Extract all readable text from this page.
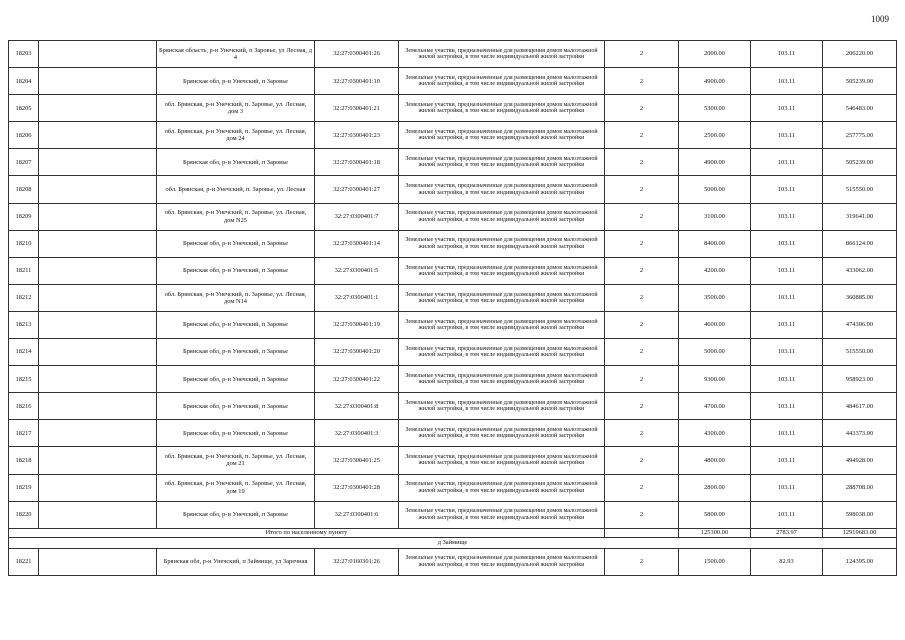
1009
18203		Брянская область, р-н Унечский, п Заровье, ул Лесная, д 4	32:27:0300401:26	Земельные участки, предназначенные для размещения домов малоэтажной жилой застройки, в том числе индивидуальной жилой застройки	2	2000.00	103.11	206220.00
18204		Брянская обл, р-н Унечский, п Заровье	32:27:0300401:10	Земельные участки, предназначенные для размещения домов малоэтажной жилой застройки, в том числе индивидуальной жилой застройки	2	4900.00	103.11	505239.00
18205		обл. Брянская, р-н Унечский, п. Заровье, ул. Лесная, дом 3	32:27:0300401:21	Земельные участки, предназначенные для размещения домов малоэтажной жилой застройки, в том числе индивидуальной жилой застройки	2	5300.00	103.11	546483.00
18206		обл. Брянская, р-н Унечский, п. Заровье, ул. Лесная, дом 24	32:27:0300401:23	Земельные участки, предназначенные для размещения домов малоэтажной жилой застройки, в том числе индивидуальной жилой застройки	2	2500.00	103.11	257775.00
18207		Брянская обл, р-н Унечский, п Заровье	32:27:0300401:18	Земельные участки, предназначенные для размещения домов малоэтажной жилой застройки, в том числе индивидуальной жилой застройки	2	4900.00	103.11	505239.00
18208		обл. Брянская, р-н Унечский, п. Заровье, ул. Лесная	32:27:0300401:27	Земельные участки, предназначенные для размещения домов малоэтажной жилой застройки, в том числе индивидуальной жилой застройки	2	5000.00	103.11	515550.00
18209		обл. Брянская, р-н Унечский, п. Заровье, ул. Лесная, дом N25	32:27:0300401:7	Земельные участки, предназначенные для размещения домов малоэтажной жилой застройки, в том числе индивидуальной жилой застройки	2	3100.00	103.11	319641.00
18210		Брянская обл, р-н Унечский, п Заровье	32:27:0300401:14	Земельные участки, предназначенные для размещения домов малоэтажной жилой застройки, в том числе индивидуальной жилой застройки	2	8400.00	103.11	866124.00
18211		Брянская обл, р-н Унечский, п Заровье	32:27:0300401:5	Земельные участки, предназначенные для размещения домов малоэтажной жилой застройки, в том числе индивидуальной жилой застройки	2	4200.00	103.11	433062.00
18212		обл. Брянская, р-н Унечский, п. Заровье, ул. Лесная, дом N14	32:27:0300401:1	Земельные участки, предназначенные для размещения домов малоэтажной жилой застройки, в том числе индивидуальной жилой застройки	2	3500.00	103.11	360885.00
18213		Брянская обл, р-н Унечский, п Заровье	32:27:0300401:19	Земельные участки, предназначенные для размещения домов малоэтажной жилой застройки, в том числе индивидуальной жилой застройки	2	4600.00	103.11	474306.00
18214		Брянская обл, р-н Унечский, п Заровье	32:27:0300401:20	Земельные участки, предназначенные для размещения домов малоэтажной жилой застройки, в том числе индивидуальной жилой застройки	2	5000.00	103.11	515550.00
18215		Брянская обл, р-н Унечский, п Заровье	32:27:0300401:22	Земельные участки, предназначенные для размещения домов малоэтажной жилой застройки, в том числе индивидуальной жилой застройки	2	9300.00	103.11	958923.00
18216		Брянская обл, р-н Унечский, п Заровье	32:27:0300401:8	Земельные участки, предназначенные для размещения домов малоэтажной жилой застройки, в том числе индивидуальной жилой застройки	2	4700.00	103.11	484617.00
18217		Брянская обл, р-н Унечский, п Заровье	32:27:0300401:3	Земельные участки, предназначенные для размещения домов малоэтажной жилой застройки, в том числе индивидуальной жилой застройки	2	4300.00	103.11	443373.00
18218		обл. Брянская, р-н Унечский, п. Заровье, ул. Лесная, дом 21	32:27:0300401:25	Земельные участки, предназначенные для размещения домов малоэтажной жилой застройки, в том числе индивидуальной жилой застройки	2	4800.00	103.11	494928.00
18219		обл. Брянская, р-н Унечский, п. Заровье, ул. Лесная, дом 19	32:27:0300401:28	Земельные участки, предназначенные для размещения домов малоэтажной жилой застройки, в том числе индивидуальной жилой застройки	2	2800.00	103.11	288708.00
18220		Брянская обл, р-н Унечский, п Заровье	32:27:0300401:6	Земельные участки, предназначенные для размещения домов малоэтажной жилой застройки, в том числе индивидуальной жилой застройки	2	5800.00	103.11	598038.00
Итого по населенному пункту						125300.00	2783.97	12919683.00
д Займище								
18221		Брянская обл, р-н Унечский, п Займище, ул Заречная	32:27:0160301:26	Земельные участки, предназначенные для размещения домов малоэтажной жилой застройки, в том числе индивидуальной жилой застройки	2	1500.00	82.93	124395.00
